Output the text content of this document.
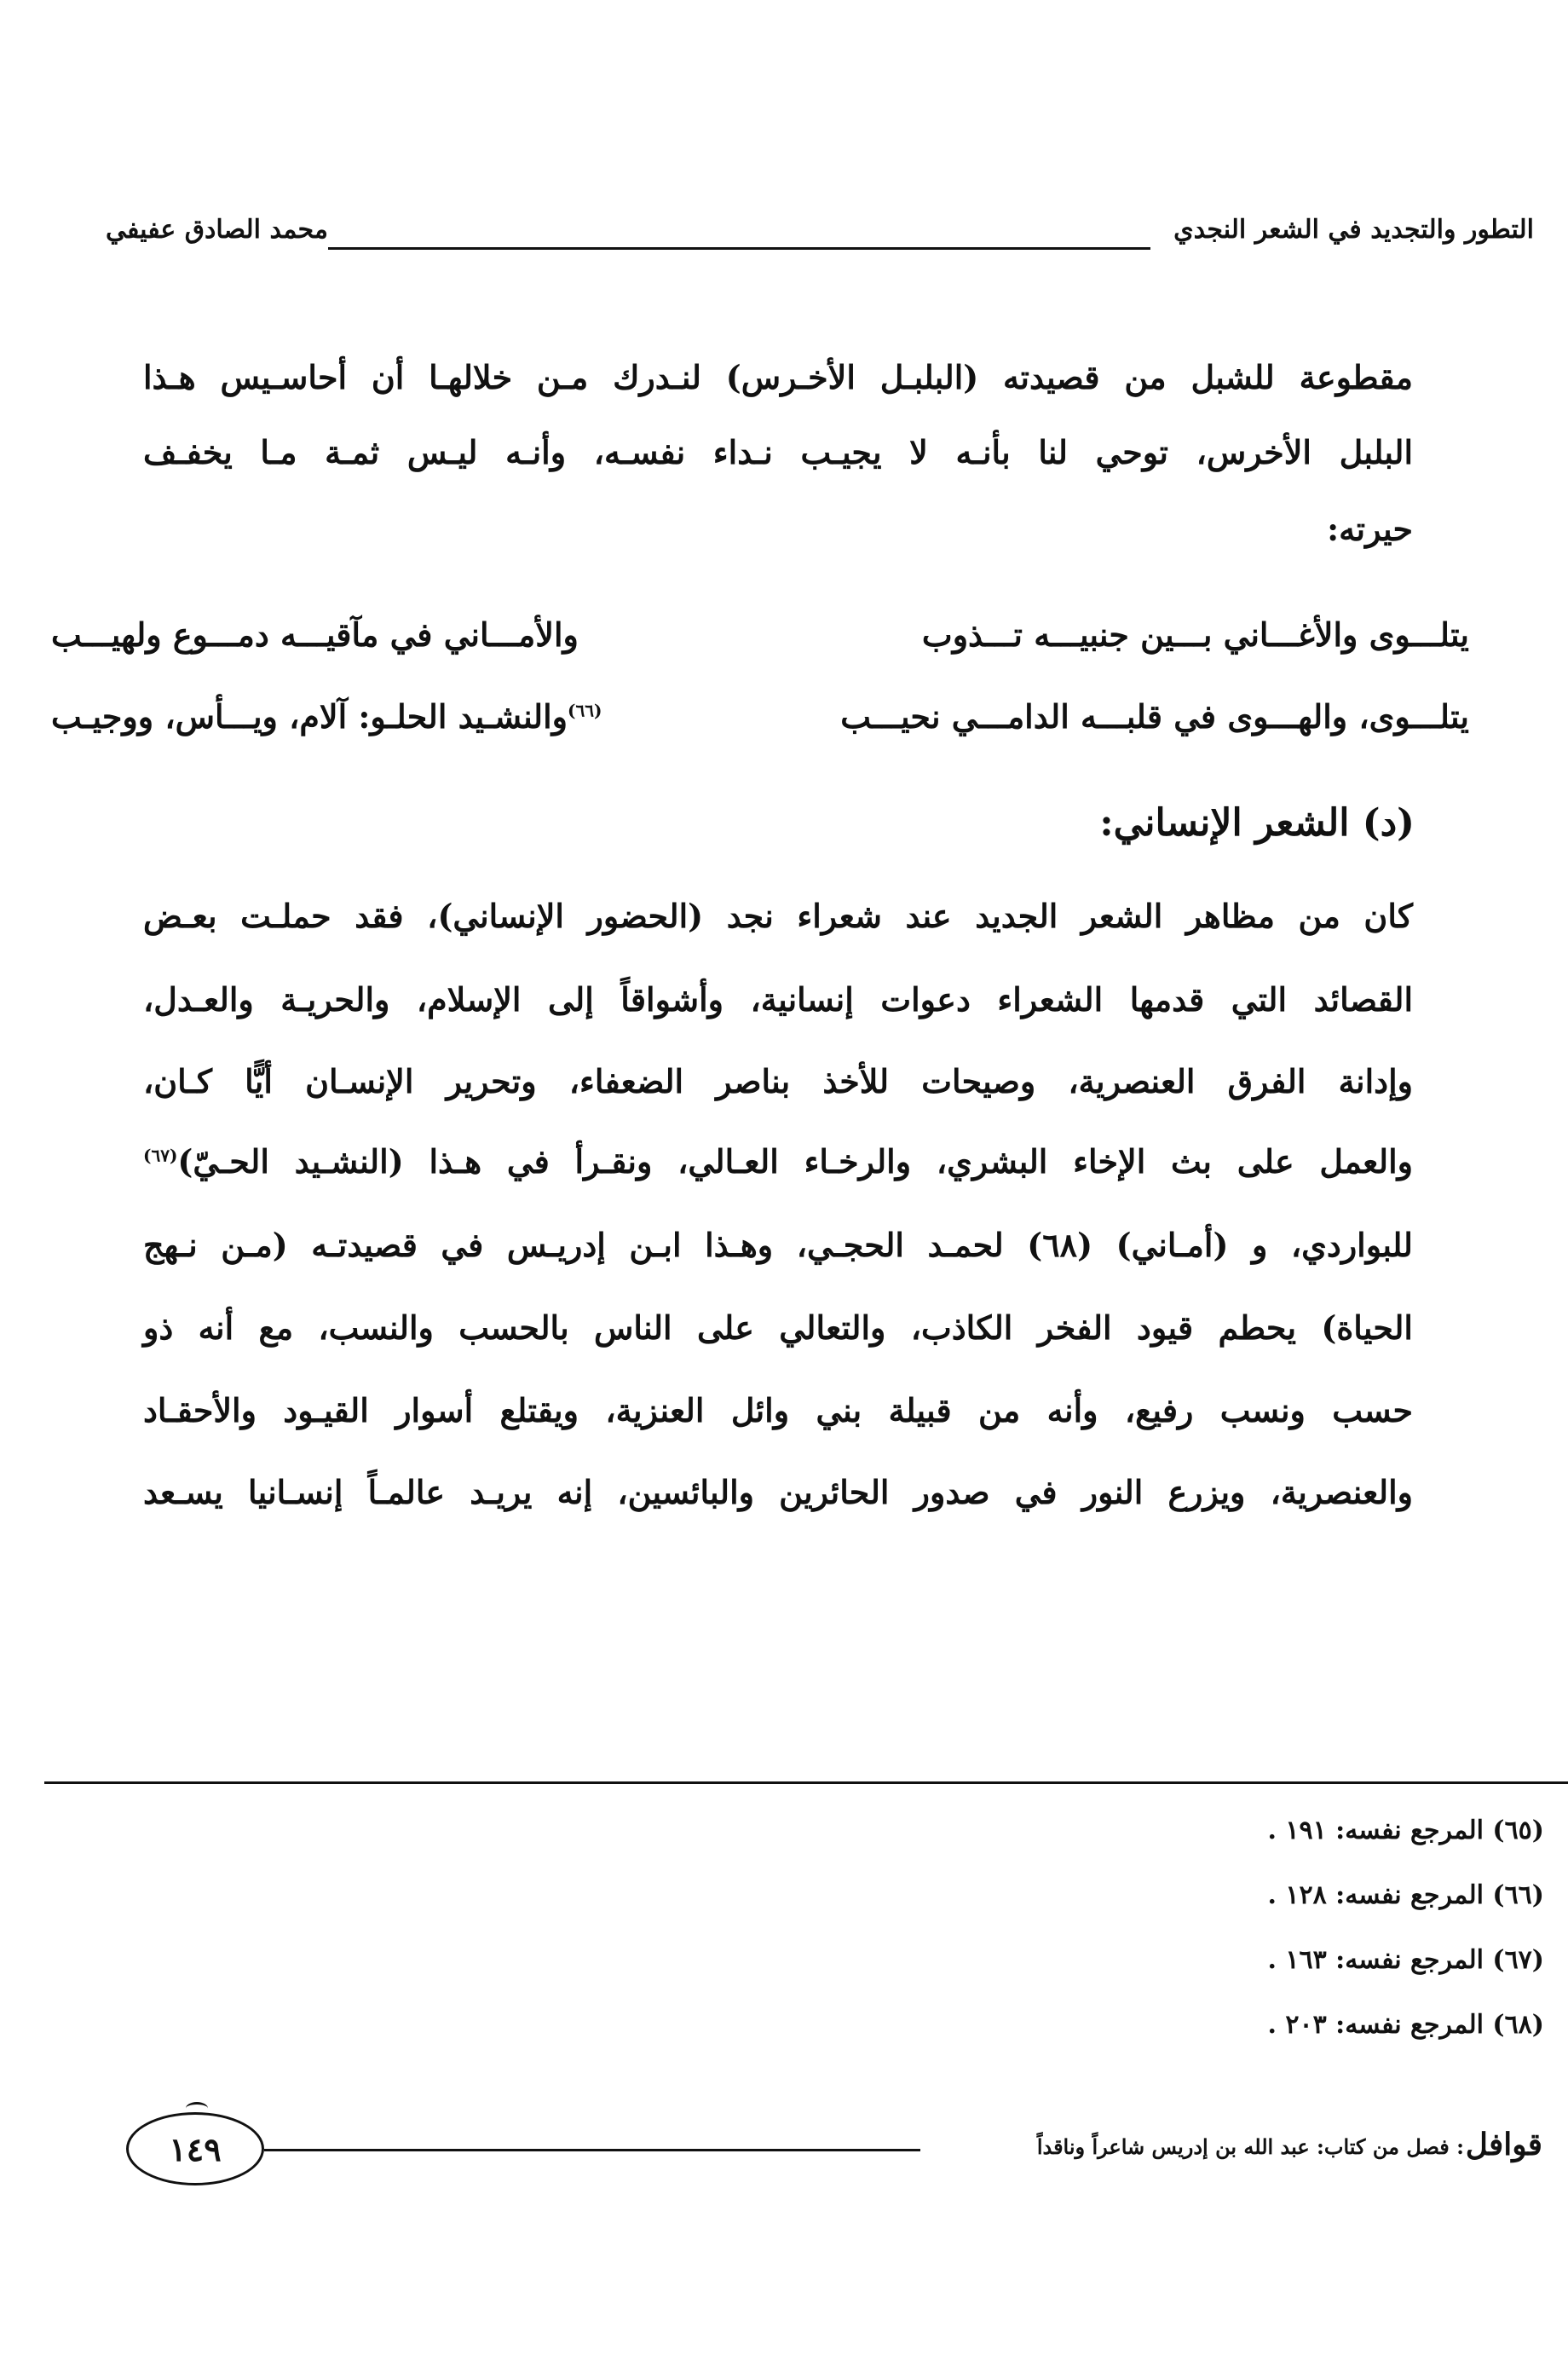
التطور والتجديد في الشعر النجدي
محمد الصادق عفيفي
مقطوعة للشبل من قصيدته (البلبـل الأخـرس) لنـدرك مـن خلالهـا أن أحاسـيس هـذا
البلبل الأخرس، توحي لنا بأنـه لا يجيـب نـداء نفسـه، وأنـه ليـس ثمـة مـا يخفـف
حيرته:
يتلـــوى والأغـــاني بـــين جنبيـــه تـــذوب
والأمـــاني في مآقيـــه دمـــوع ولهيـــب
يتلـــوى، والهـــوى في قلبـــه الدامـــي نحيـــب
$^{(٦٦)}$والنشـيد الحلـو: آلام، ويـــأس، ووجيـب
(د) الشعر الإنساني:
كان من مظاهر الشعر الجديد عند شعراء نجد (الحضور الإنساني)، فقد حملـت بعـض
القصائد التي قدمها الشعراء دعوات إنسانية، وأشواقاً إلى الإسلام، والحريـة والعـدل،
وإدانة الفرق العنصرية، وصيحات للأخذ بناصر الضعفاء، وتحرير الإنسـان أيًّا كـان،
والعمل على بث الإخاء البشري، والرخـاء العـالي، ونقـرأ في هـذا (النشـيد الحـيّ)$^{(٦٧)}$
للبواردي، و (أمـاني) (٦٨) لحمـد الحجـي، وهـذا ابـن إدريـس في قصيدتـه (مـن نـهج
الحياة) يحطم قيود الفخر الكاذب، والتعالي على الناس بالحسب والنسب، مع أنه ذو
حسب ونسب رفيع، وأنه من قبيلة بني وائل العنزية، ويقتلع أسوار القيـود والأحقـاد
والعنصرية، ويزرع النور في صدور الحائرين والبائسين، إنه يريـد عالمـاً إنسـانيا يسـعد
(٦٥) المرجع نفسه: ١٩١ .
(٦٦) المرجع نفسه: ١٢٨ .
(٦٧) المرجع نفسه: ١٦٣ .
(٦٨) المرجع نفسه: ٢٠٣ .
قوافل
: فصل من كتاب: عبد الله بن إدريس شاعراً وناقداً
١٤٩
